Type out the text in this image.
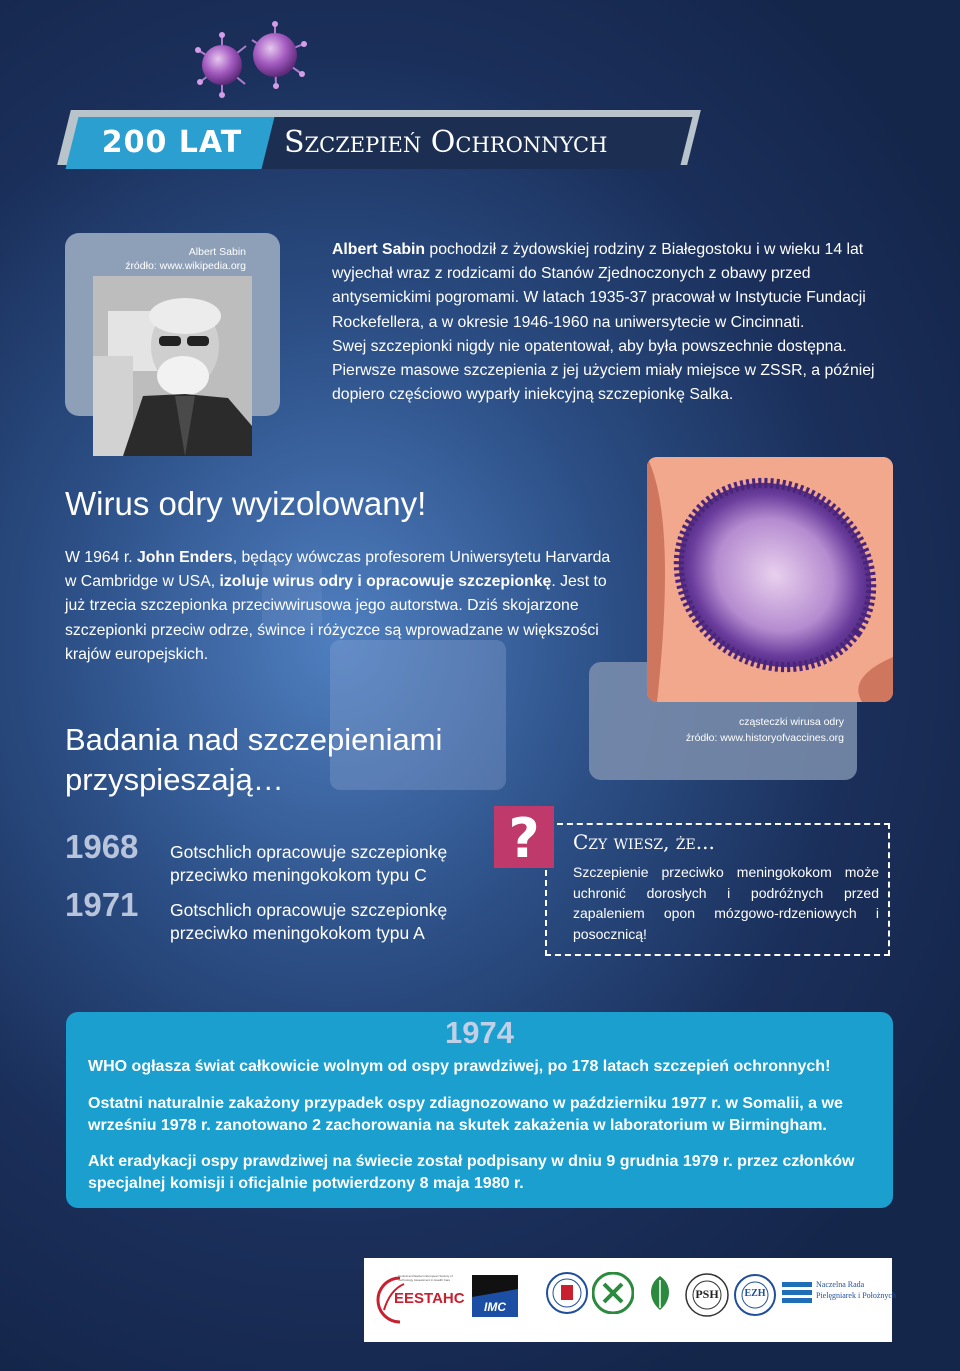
200 LAT	Szczepień Ochronnych
Albert Sabin
źródło: www.wikipedia.org

Albert Sabin pochodził z żydowskiej rodziny z Białegostoku i w wieku 14 lat wyjechał wraz z rodzicami do Stanów Zjednoczonych z obawy przed antysemickimi pogromami. W latach 1935-37 pracował w Instytucie Fundacji Rockefellera, a w okresie 1946-1960 na uniwersytecie w Cincinnati.

Swej szczepionki nigdy nie opatentował, aby była powszechnie dostępna. Pierwsze masowe szczepienia z jej użyciem miały miejsce w ZSSR, a później dopiero częściowo wyparły iniekcyjną szczepionkę Salka.

cząsteczki wirusa odry
źródło: www.historyofvaccines.org
Wirus odry wyizolowany!
W 1964 r. John Enders, będący wówczas profesorem Uniwersytetu Harvarda w Cambridge w USA, izoluje wirus odry i opracowuje szczepionkę. Jest to już trzecia szczepionka przeciwwirusowa jego autorstwa. Dziś skojarzone szczepionki przeciw odrze, śwince i różyczce są wprowadzane w większości krajów europejskich.
Badania nad szczepieniami przyspieszają…
1968 Gotschlich opracowuje szczepionkę przeciwko meningokokom typu C
1971 Gotschlich opracowuje szczepionkę przeciwko meningokokom typu A
?	Czy wiesz, że...
Szczepienie przeciwko meningokokom może uchronić dorosłych i podróżnych przed zapaleniem opon mózgowo-rdzeniowych i posocznicą!
1974
WHO ogłasza świat całkowicie wolnym od ospy prawdziwej, po 178 latach szczepień ochronnych!
Ostatni naturalnie zakażony przypadek ospy zdiagnozowano w październiku 1977 r. w Somalii, a we wrześniu 1978 r. zanotowano 2 zachorowania na skutek zakażenia w laboratorium w Birmingham.
Akt eradykacji ospy prawdziwej na świecie został podpisany w dniu 9 grudnia 1979 r. przez członków specjalnej komisji i oficjalnie potwierdzony 8 maja 1980 r.
EESTAHC
Central and Eastern European Society of Technology Assessment in Health Care
IMC
PSH	EZH
Naczelna Rada
Pielęgniarek i Położnych
